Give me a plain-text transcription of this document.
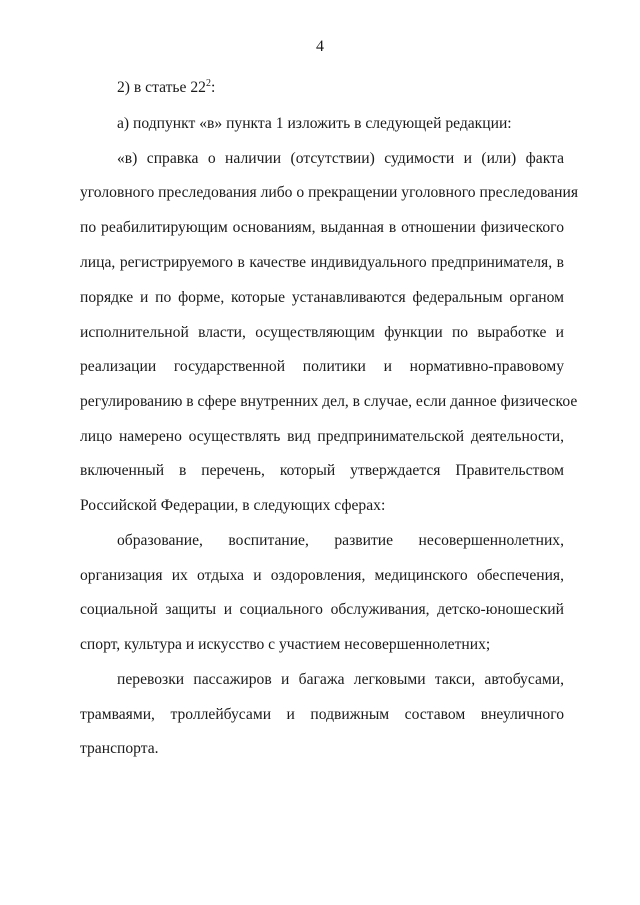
4
2) в статье $22^2$:
а) подпункт «в» пункта 1 изложить в следующей редакции:
«в) справка о наличии (отсутствии) судимости и (или) факта
уголовного преследования либо о прекращении уголовного преследования
по реабилитирующим основаниям, выданная в отношении физического
лица, регистрируемого в качестве индивидуального предпринимателя, в
порядке и по форме, которые устанавливаются федеральным органом
исполнительной власти, осуществляющим функции по выработке и
реализации государственной политики и нормативно-правовому
регулированию в сфере внутренних дел, в случае, если данное физическое
лицо намерено осуществлять вид предпринимательской деятельности,
включенный в перечень, который утверждается Правительством
Российской Федерации, в следующих сферах:
образование, воспитание, развитие несовершеннолетних,
организация их отдыха и оздоровления, медицинского обеспечения,
социальной защиты и социального обслуживания, детско-юношеский
спорт, культура и искусство с участием несовершеннолетних;
перевозки пассажиров и багажа легковыми такси, автобусами,
трамваями, троллейбусами и подвижным составом внеуличного
транспорта.
